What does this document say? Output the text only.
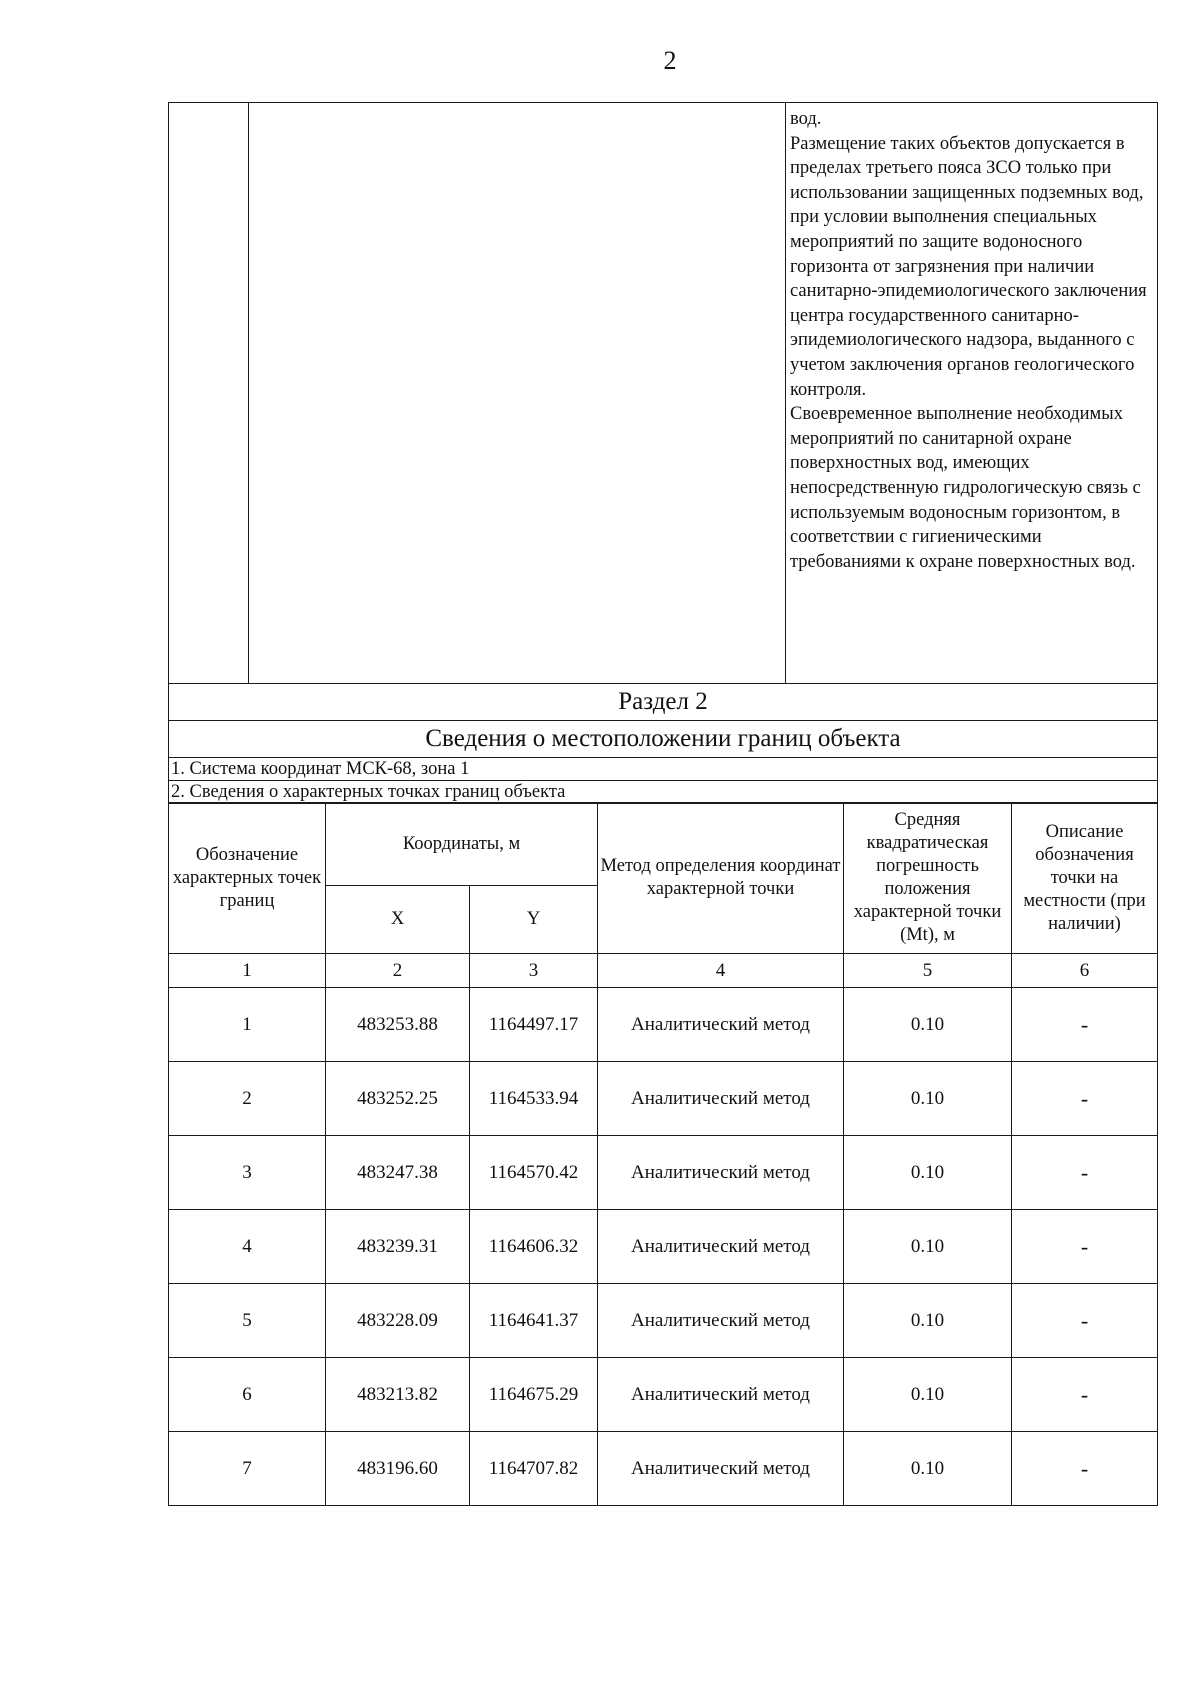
2

вод.
Размещение таких объектов допускается в пределах третьего пояса ЗСО только при использовании защищенных подземных вод, при условии выполнения специальных мероприятий по защите водоносного горизонта от загрязнения при наличии санитарно-эпидемиологического заключения центра государственного санитарно-эпидемиологического надзора, выданного с учетом заключения органов геологического контроля.
Своевременное выполнение необходимых мероприятий по санитарной охране поверхностных вод, имеющих непосредственную гидрологическую связь с используемым водоносным горизонтом, в соответствии с гигиеническими требованиями к охране поверхностных вод.
Раздел 2
Сведения о местоположении границ объекта
1. Система координат МСК-68, зона 1
2. Сведения о характерных точках границ объекта
Обозначение характерных точек границ	Координаты, м		Метод определения координат характерной точки	Средняя квадратическая погрешность положения характерной точки (Mt), м	Описание обозначения точки на местности (при наличии)
	X	Y			
1	2	3	4	5	6
1	483253.88	1164497.17	Аналитический метод	0.10	-
2	483252.25	1164533.94	Аналитический метод	0.10	-
3	483247.38	1164570.42	Аналитический метод	0.10	-
4	483239.31	1164606.32	Аналитический метод	0.10	-
5	483228.09	1164641.37	Аналитический метод	0.10	-
6	483213.82	1164675.29	Аналитический метод	0.10	-
7	483196.60	1164707.82	Аналитический метод	0.10	-
